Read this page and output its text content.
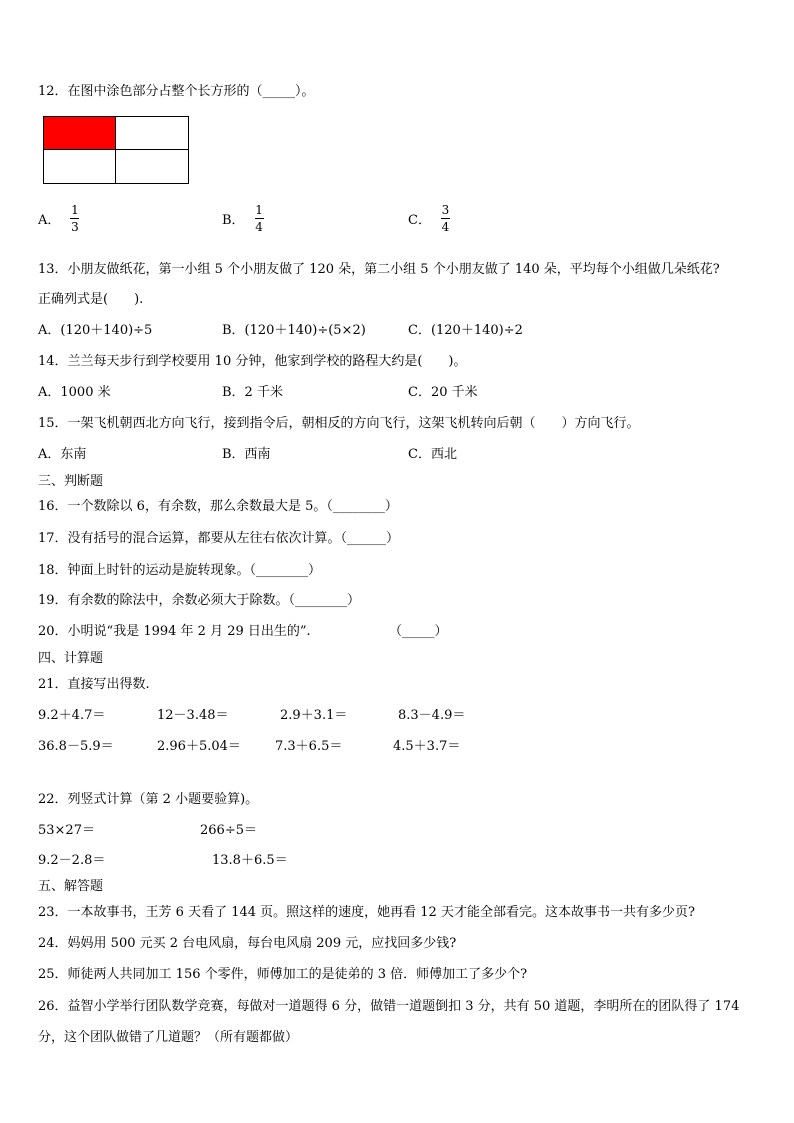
12．在图中涂色部分占整个长方形的（_____）。
A．
1
3	B．
1
4	C．
3
4
13．小朋友做纸花，第一小组 5 个小朋友做了 120 朵，第二小组 5 个小朋友做了 140 朵，平均每个小组做几朵纸花?
正确列式是(　　).
A．(120＋140)÷5	B．(120＋140)÷(5×2)	C．(120＋140)÷2
14．兰兰每天步行到学校要用 10 分钟，他家到学校的路程大约是(　　)。
A．1000 米	B．2 千米	C．20 千米
15．一架飞机朝西北方向飞行，接到指令后，朝相反的方向飞行，这架飞机转向后朝（　　）方向飞行。
A．东南	B．西南	C．西北
三、判断题
16．一个数除以 6，有余数，那么余数最大是 5。（________）
17．没有括号的混合运算，都要从左往右依次计算。（______）
18．钟面上时针的运动是旋转现象。（________）
19．有余数的除法中，余数必须大于除数。（________）
20．小明说“我是 1994 年 2 月 29 日出生的”.	（_____）
四、计算题
21．直接写出得数.
9.2＋4.7＝	12－3.48＝	2.9＋3.1＝	8.3－4.9＝
36.8－5.9＝	2.96＋5.04＝	7.3＋6.5＝	4.5＋3.7＝
22．列竖式计算（第 2 小题要验算)。
53×27＝	266÷5＝
9.2－2.8＝	13.8＋6.5＝
五、解答题
23．一本故事书，王芳 6 天看了 144 页。照这样的速度，她再看 12 天才能全部看完。这本故事书一共有多少页?
24．妈妈用 500 元买 2 台电风扇，每台电风扇 209 元，应找回多少钱?
25．师徒两人共同加工 156 个零件，师傅加工的是徒弟的 3 倍．师傅加工了多少个?
26．益智小学举行团队数学竞赛，每做对一道题得 6 分，做错一道题倒扣 3 分，共有 50 道题，李明所在的团队得了 174
分，这个团队做错了几道题？（所有题都做）
